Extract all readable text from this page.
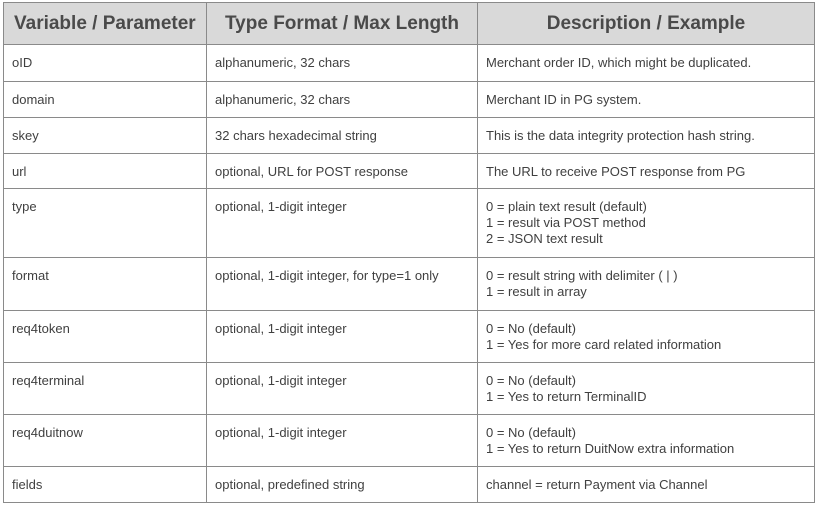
Variable / Parameter	Type Format / Max Length	Description / Example
oID	alphanumeric, 32 chars	Merchant order ID, which might be duplicated.

domain	alphanumeric, 32 chars	Merchant ID in PG system.

skey	32 chars hexadecimal string	This is the data integrity protection hash string.

url	optional, URL for POST response	The URL to receive POST response from PG

type	optional, 1-digit integer	0 = plain text result (default)
1 = result via POST method
2 = JSON text result

format	optional, 1-digit integer, for type=1 only	0 = result string with delimiter ( | )
1 = result in array

req4token	optional, 1-digit integer	0 = No (default)
1 = Yes for more card related information

req4terminal	optional, 1-digit integer	0 = No (default)
1 = Yes to return TerminalID

req4duitnow	optional, 1-digit integer	0 = No (default)
1 = Yes to return DuitNow extra information

fields	optional, predefined string	channel = return Payment via Channel
